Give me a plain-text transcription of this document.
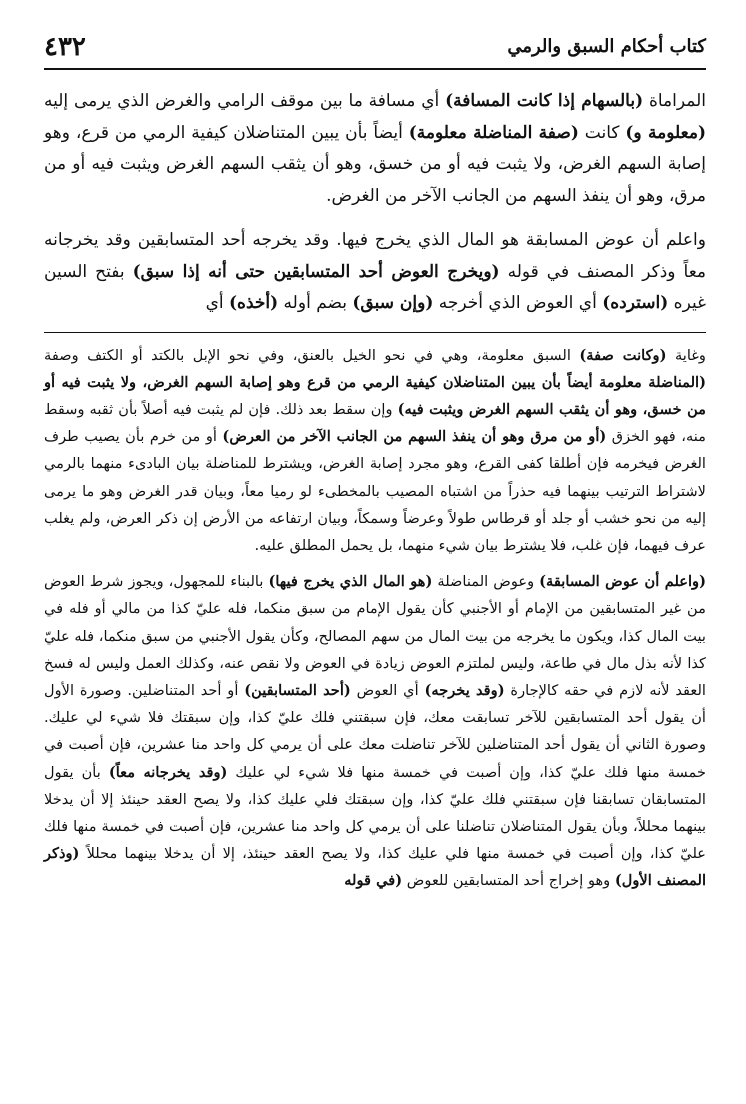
كتاب أحكام السبق والرمي
٤٣٢

المراماة (بالسهام إذا كانت المسافة) أي مسافة ما بين موقف الرامي والغرض الذي يرمى إليه (معلومة و) كانت (صفة المناضلة معلومة) أيضاً بأن يبين المتناضلان كيفية الرمي من قرع، وهو إصابة السهم الغرض، ولا يثبت فيه أو من خسق، وهو أن يثقب السهم الغرض ويثبت فيه أو من مرق، وهو أن ينفذ السهم من الجانب الآخر من الغرض.

واعلم أن عوض المسابقة هو المال الذي يخرج فيها. وقد يخرجه أحد المتسابقين وقد يخرجانه معاً وذكر المصنف في قوله (ويخرج العوض أحد المتسابقين حتى أنه إذا سبق) بفتح السين غيره (استرده) أي العوض الذي أخرجه (وإن سبق) بضم أوله (أخذه) أي

وغاية (وكانت صفة) السبق معلومة، وهي في نحو الخيل بالعنق، وفي نحو الإبل بالكتد أو الكتف وصفة (المناضلة معلومة أيضاً بأن يبين المتناضلان كيفية الرمي من قرع وهو إصابة السهم الغرض، ولا يثبت فيه أو من خسق، وهو أن يثقب السهم الغرض ويثبت فيه) وإن سقط بعد ذلك. فإن لم يثبت فيه أصلاً بأن ثقبه وسقط منه، فهو الخزق (أو من مرق وهو أن ينفذ السهم من الجانب الآخر من العرض) أو من خرم بأن يصيب طرف الغرض فيخرمه فإن أطلقا كفى القرع، وهو مجرد إصابة الغرض، ويشترط للمناضلة بيان البادىء منهما بالرمي لاشتراط الترتيب بينهما فيه حذراً من اشتباه المصيب بالمخطىء لو رميا معاً، وبيان قدر الغرض وهو ما يرمى إليه من نحو خشب أو جلد أو قرطاس طولاً وعرضاً وسمكاً، وبيان ارتفاعه من الأرض إن ذكر العرض، ولم يغلب عرف فيهما، فإن غلب، فلا يشترط بيان شيء منهما، بل يحمل المطلق عليه.

(واعلم أن عوض المسابقة) وعوض المناضلة (هو المال الذي يخرج فيها) بالبناء للمجهول، ويجوز شرط العوض من غير المتسابقين من الإمام أو الأجنبي كأن يقول الإمام من سبق منكما، فله عليّ كذا من مالي أو فله في بيت المال كذا، ويكون ما يخرجه من بيت المال من سهم المصالح، وكأن يقول الأجنبي من سبق منكما، فله عليّ كذا لأنه بذل مال في طاعة، وليس لملتزم العوض زيادة في العوض ولا نقص عنه، وكذلك العمل وليس له فسخ العقد لأنه لازم في حقه كالإجارة (وقد يخرجه) أي العوض (أحد المتسابقين) أو أحد المتناضلين. وصورة الأول أن يقول أحد المتسابقين للآخر تسابقت معك، فإن سبقتني فلك عليّ كذا، وإن سبقتك فلا شيء لي عليك. وصورة الثاني أن يقول أحد المتناضلين للآخر تناضلت معك على أن يرمي كل واحد منا عشرين، فإن أصبت في خمسة منها فلك عليّ كذا، وإن أصبت في خمسة منها فلا شيء لي عليك (وقد يخرجانه معاً) بأن يقول المتسابقان تسابقنا فإن سبقتني فلك عليّ كذا، وإن سبقتك فلي عليك كذا، ولا يصح العقد حينئذ إلا أن يدخلا بينهما محللاً، وبأن يقول المتناضلان تناضلنا على أن يرمي كل واحد منا عشرين، فإن أصبت في خمسة منها فلك عليّ كذا، وإن أصبت في خمسة منها فلي عليك كذا، ولا يصح العقد حينئذ، إلا أن يدخلا بينهما محللاً (وذكر المصنف الأول) وهو إخراج أحد المتسابقين للعوض (في قوله
